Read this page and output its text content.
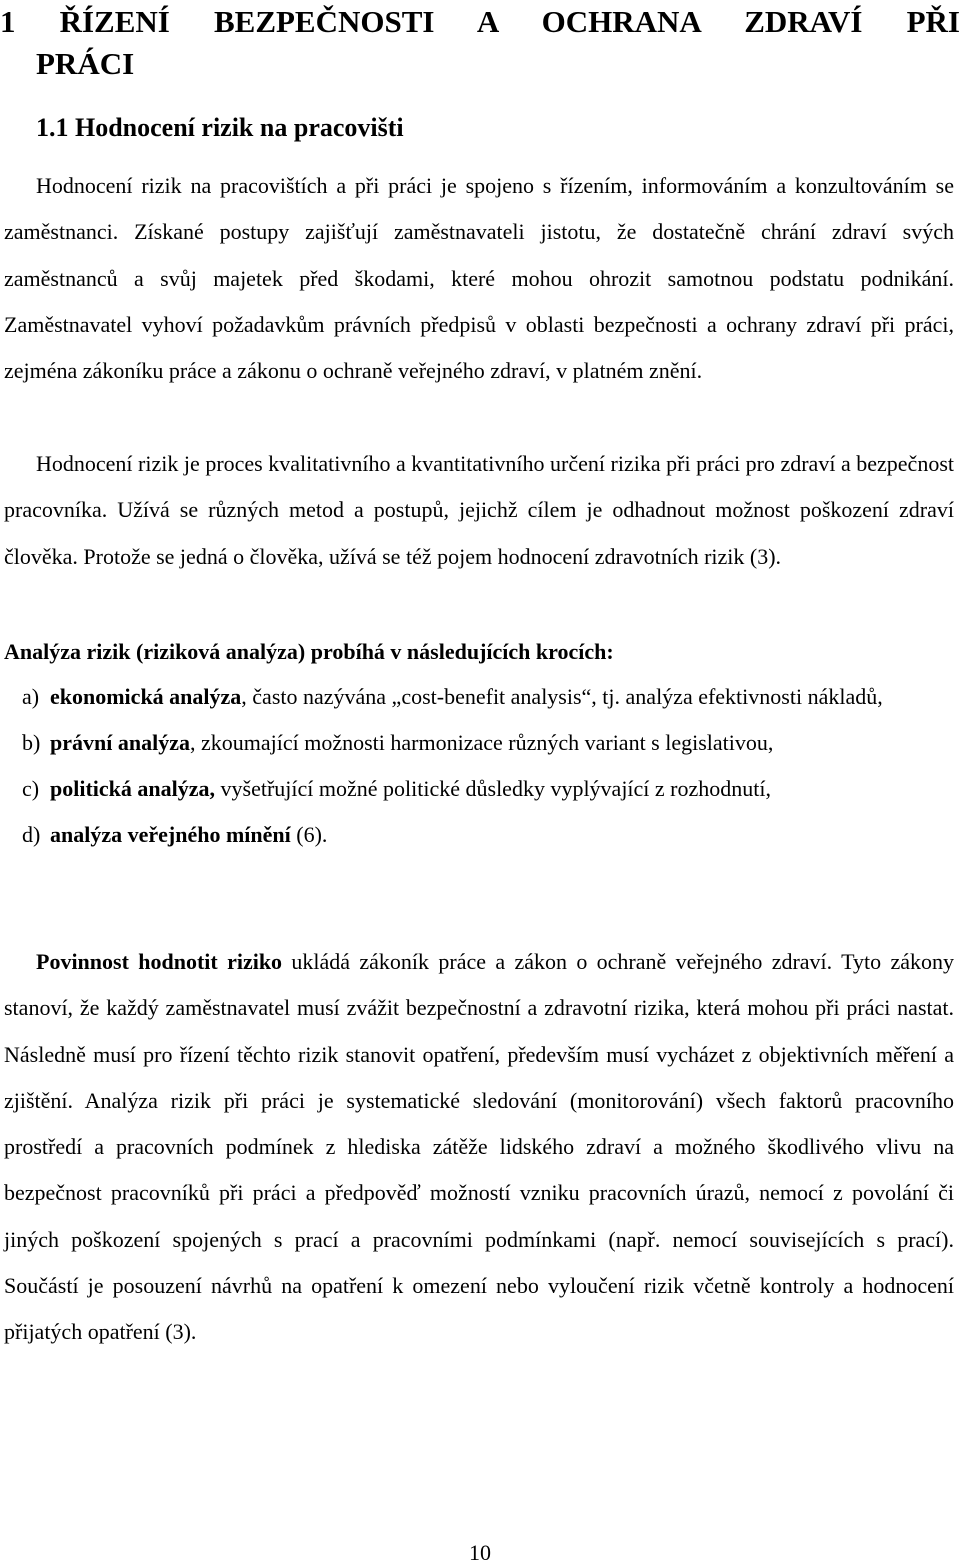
1 ŘÍZENÍ BEZPEČNOSTI A OCHRANA ZDRAVÍ PŘI
PRÁCI
1.1 Hodnocení rizik na pracovišti

Hodnocení rizik na pracovištích a při práci je spojeno s řízením, informováním a konzultováním se zaměstnanci. Získané postupy zajišťují zaměstnavateli jistotu, že dostatečně chrání zdraví svých zaměstnanců a svůj majetek před škodami, které mohou ohrozit samotnou podstatu podnikání. Zaměstnavatel vyhoví požadavkům právních předpisů v oblasti bezpečnosti a ochrany zdraví při práci, zejména zákoníku práce a zákonu o ochraně veřejného zdraví, v platném znění.

Hodnocení rizik je proces kvalitativního a kvantitativního určení rizika při práci pro zdraví a bezpečnost pracovníka. Užívá se různých metod a postupů, jejichž cílem je odhadnout možnost poškození zdraví člověka. Protože se jedná o člověka, užívá se též pojem hodnocení zdravotních rizik (3).

Analýza rizik (riziková analýza) probíhá v následujících krocích:
a) ekonomická analýza, často nazývána „cost-benefit analysis“, tj. analýza efektivnosti nákladů,
b) právní analýza, zkoumající možnosti harmonizace různých variant s legislativou,
c) politická analýza, vyšetřující možné politické důsledky vyplývající z rozhodnutí,
d) analýza veřejného mínění (6).

Povinnost hodnotit riziko ukládá zákoník práce a zákon o ochraně veřejného zdraví. Tyto zákony stanoví, že každý zaměstnavatel musí zvážit bezpečnostní a zdravotní rizika, která mohou při práci nastat. Následně musí pro řízení těchto rizik stanovit opatření, především musí vycházet z objektivních měření a zjištění. Analýza rizik při práci je systematické sledování (monitorování) všech faktorů pracovního prostředí a pracovních podmínek z hlediska zátěže lidského zdraví a možného škodlivého vlivu na bezpečnost pracovníků při práci a předpověď možností vzniku pracovních úrazů, nemocí z povolání či jiných poškození spojených s prací a pracovními podmínkami (např. nemocí souvisejících s prací). Součástí je posouzení návrhů na opatření k omezení nebo vyloučení rizik včetně kontroly a hodnocení přijatých opatření (3).

10
